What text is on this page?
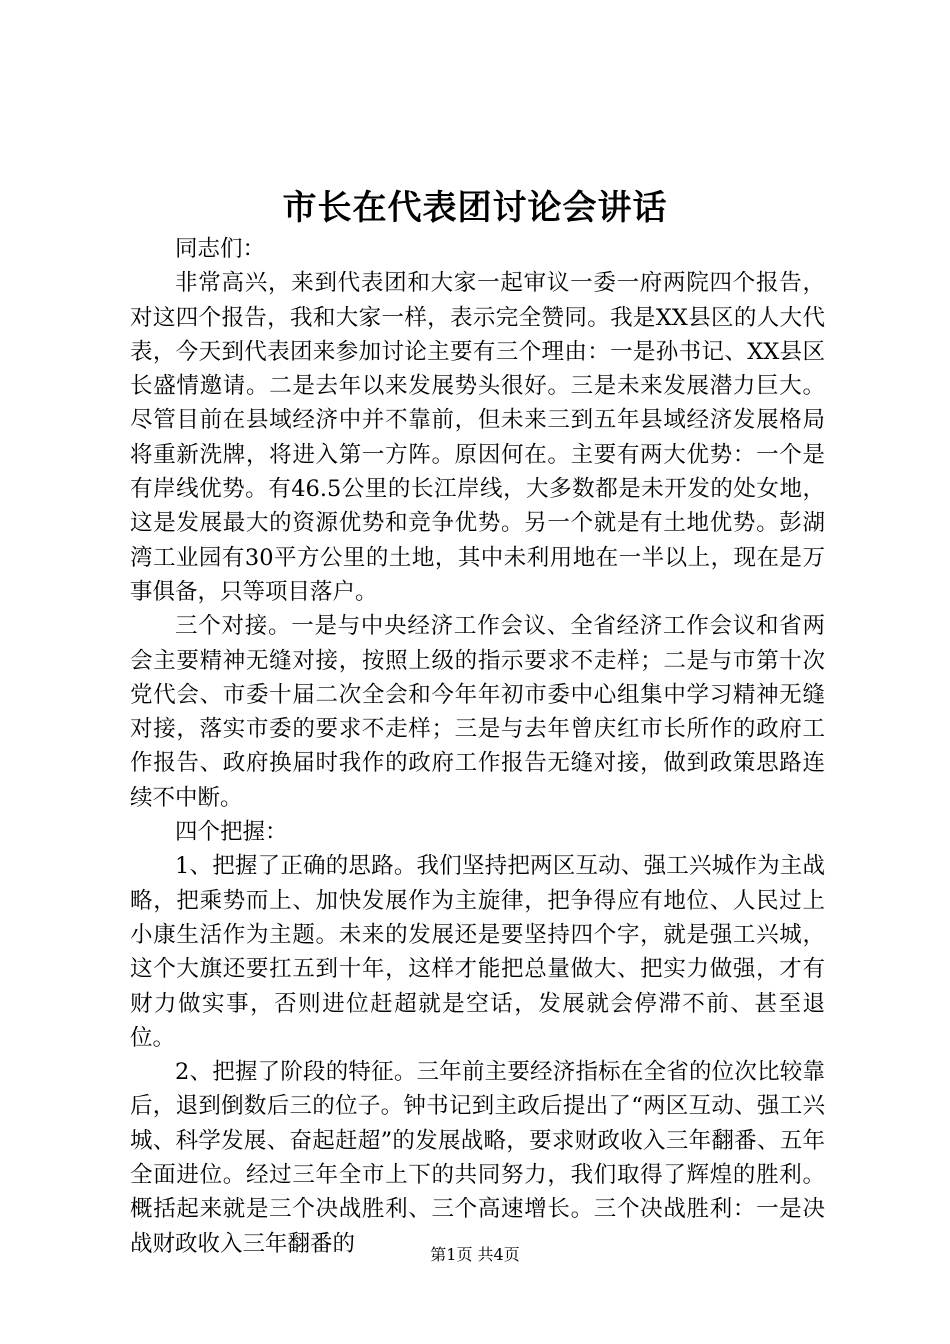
市长在代表团讨论会讲话

同志们：

非常高兴，来到代表团和大家一起审议一委一府两院四个报告，对这四个报告，我和大家一样，表示完全赞同。我是XX县区的人大代表，今天到代表团来参加讨论主要有三个理由：一是孙书记、XX县区长盛情邀请。二是去年以来发展势头很好。三是未来发展潜力巨大。尽管目前在县域经济中并不靠前，但未来三到五年县域经济发展格局将重新洗牌，将进入第一方阵。原因何在。主要有两大优势：一个是有岸线优势。有46.5公里的长江岸线，大多数都是未开发的处女地，这是发展最大的资源优势和竞争优势。另一个就是有土地优势。彭湖湾工业园有30平方公里的土地，其中未利用地在一半以上，现在是万事俱备，只等项目落户。

三个对接。一是与中央经济工作会议、全省经济工作会议和省两会主要精神无缝对接，按照上级的指示要求不走样；二是与市第十次党代会、市委十届二次全会和今年年初市委中心组集中学习精神无缝对接，落实市委的要求不走样；三是与去年曾庆红市长所作的政府工作报告、政府换届时我作的政府工作报告无缝对接，做到政策思路连续不中断。

四个把握：

1、把握了正确的思路。我们坚持把两区互动、强工兴城作为主战略，把乘势而上、加快发展作为主旋律，把争得应有地位、人民过上小康生活作为主题。未来的发展还是要坚持四个字，就是强工兴城，这个大旗还要扛五到十年，这样才能把总量做大、把实力做强，才有财力做实事，否则进位赶超就是空话，发展就会停滞不前、甚至退位。

2、把握了阶段的特征。三年前主要经济指标在全省的位次比较靠后，退到倒数后三的位子。钟书记到主政后提出了“两区互动、强工兴城、科学发展、奋起赶超”的发展战略，要求财政收入三年翻番、五年全面进位。经过三年全市上下的共同努力，我们取得了辉煌的胜利。概括起来就是三个决战胜利、三个高速增长。三个决战胜利：一是决战财政收入三年翻番的	第1页 共4页
